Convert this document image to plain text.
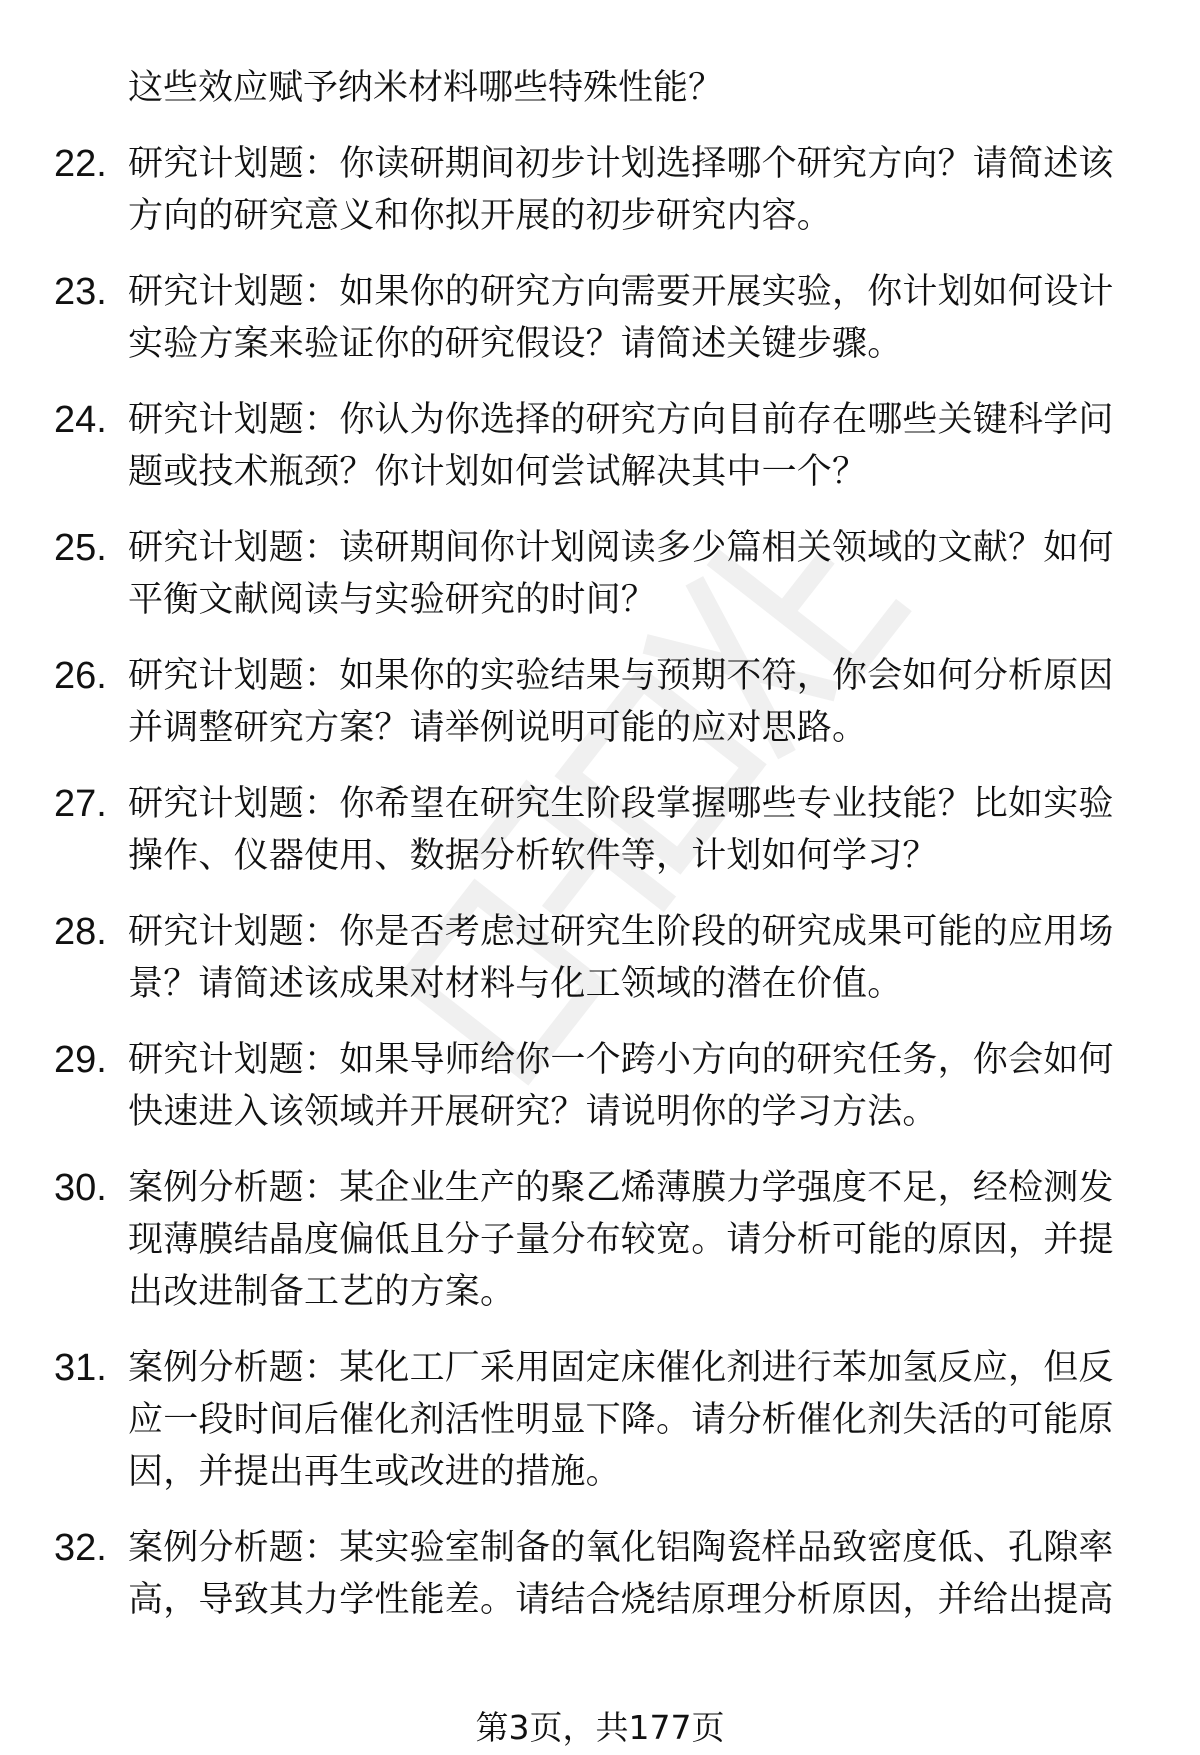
这些效应赋予纳米材料哪些特殊性能？
22. 研究计划题：你读研期间初步计划选择哪个研究方向？请简述该
方向的研究意义和你拟开展的初步研究内容。
23. 研究计划题：如果你的研究方向需要开展实验，你计划如何设计
实验方案来验证你的研究假设？请简述关键步骤。
24. 研究计划题：你认为你选择的研究方向目前存在哪些关键科学问
题或技术瓶颈？你计划如何尝试解决其中一个？
25. 研究计划题：读研期间你计划阅读多少篇相关领域的文献？如何
平衡文献阅读与实验研究的时间？
26. 研究计划题：如果你的实验结果与预期不符，你会如何分析原因
并调整研究方案？请举例说明可能的应对思路。
27. 研究计划题：你希望在研究生阶段掌握哪些专业技能？比如实验
操作、仪器使用、数据分析软件等，计划如何学习？
28. 研究计划题：你是否考虑过研究生阶段的研究成果可能的应用场
景？请简述该成果对材料与化工领域的潜在价值。
29. 研究计划题：如果导师给你一个跨小方向的研究任务，你会如何
快速进入该领域并开展研究？请说明你的学习方法。
30. 案例分析题：某企业生产的聚乙烯薄膜力学强度不足，经检测发
现薄膜结晶度偏低且分子量分布较宽。请分析可能的原因，并提
出改进制备工艺的方案。
31. 案例分析题：某化工厂采用固定床催化剂进行苯加氢反应，但反
应一段时间后催化剂活性明显下降。请分析催化剂失活的可能原
因，并提出再生或改进的措施。
32. 案例分析题：某实验室制备的氧化铝陶瓷样品致密度低、孔隙率
高，导致其力学性能差。请结合烧结原理分析原因，并给出提高
第3页，共177页
